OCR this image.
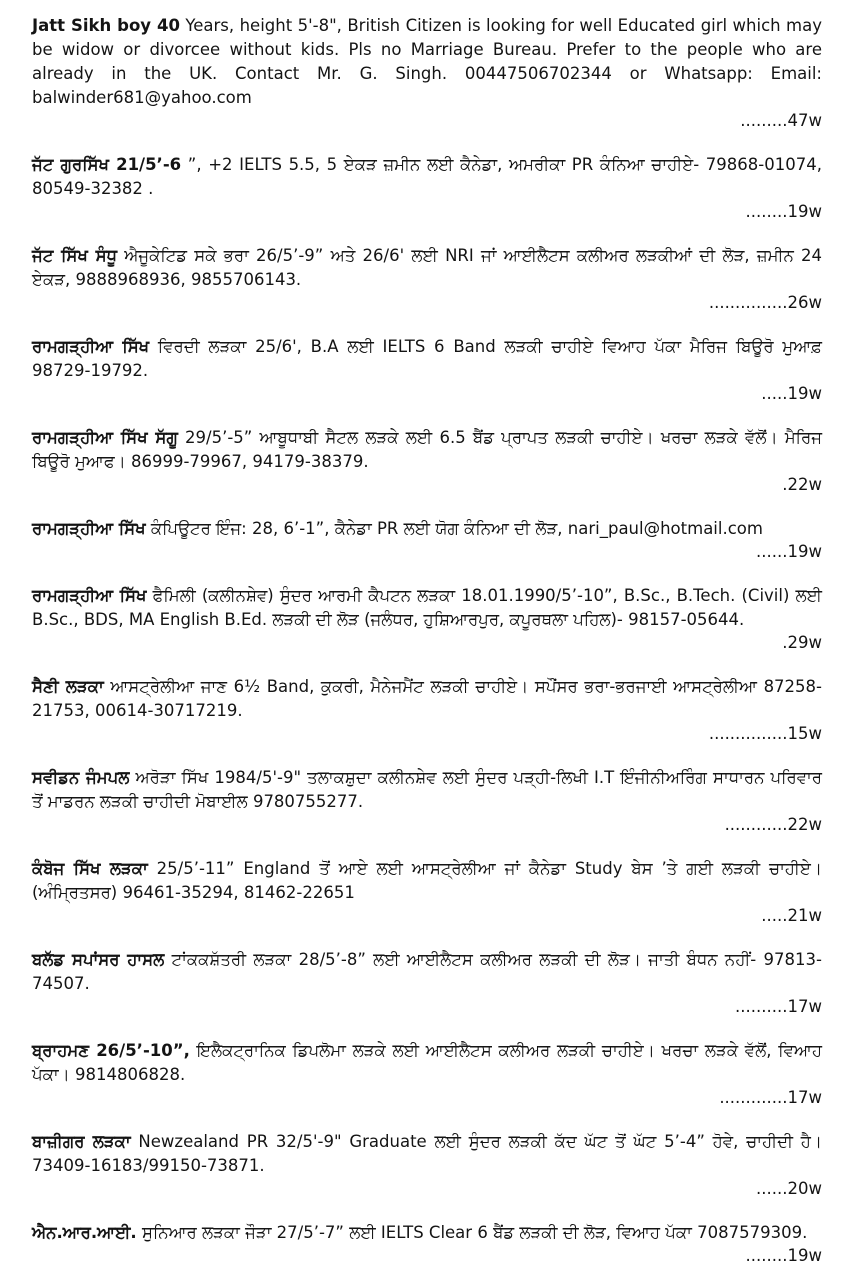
Jatt Sikh boy 40 Years, height 5'-8", British Citizen is looking for well Educated girl which may be widow or divorcee without kids. Pls no Marriage Bureau. Prefer to the people who are already in the UK. Contact Mr. G. Singh. 00447506702344 or Whatsapp: Email: balwinder681@yahoo.com
.........47w
ਜੱਟ ਗੁਰਸਿੱਖ 21/5’-6 ”, +2 IELTS 5.5, 5 ਏਕੜ ਜ਼ਮੀਨ ਲਈ ਕੈਨੇਡਾ, ਅਮਰੀਕਾ PR ਕੰਨਿਆ ਚਾਹੀਏ- 79868-01074, 80549-32382 .
........19w
ਜੱਟ ਸਿੱਖ ਸੰਧੂ ਐਜੂਕੇਟਿਡ ਸਕੇ ਭਰਾ 26/5’-9” ਅਤੇ 26/6' ਲਈ NRI ਜਾਂ ਆਈਲੈਟਸ ਕਲੀਅਰ ਲੜਕੀਆਂ ਦੀ ਲੋੜ, ਜ਼ਮੀਨ 24 ਏਕੜ, 9888968936, 9855706143.
...............26w
ਰਾਮਗੜ੍ਹੀਆ ਸਿੱਖ ਵਿਰਦੀ ਲੜਕਾ 25/6', B.A ਲਈ IELTS 6 Band ਲੜਕੀ ਚਾਹੀਏ ਵਿਆਹ ਪੱਕਾ ਮੈਰਿਜ ਬਿਊਰੋ ਮੁਆਫ਼ 98729-19792.
.....19w
ਰਾਮਗੜ੍ਹੀਆ ਸਿੱਖ ਸੱਗੂ 29/5’-5” ਆਬੂਧਾਬੀ ਸੈਟਲ ਲੜਕੇ ਲਈ 6.5 ਬੈਂਡ ਪ੍ਰਾਪਤ ਲੜਕੀ ਚਾਹੀਏ। ਖਰਚਾ ਲੜਕੇ ਵੱਲੋਂ। ਮੈਰਿਜ ਬਿਊਰੋ ਮੁਆਫ। 86999-79967, 94179-38379.
.22w
ਰਾਮਗੜ੍ਹੀਆ ਸਿੱਖ ਕੰਪਿਊਟਰ ਇੰਜ: 28, 6’-1”, ਕੈਨੇਡਾ PR ਲਈ ਯੋਗ ਕੰਨਿਆ ਦੀ ਲੋੜ, nari_paul@hotmail.com
......19w
ਰਾਮਗੜ੍ਹੀਆ ਸਿੱਖ ਫੈਮਿਲੀ (ਕਲੀਨਸ਼ੇਵ) ਸੁੰਦਰ ਆਰਮੀ ਕੈਪਟਨ ਲੜਕਾ 18.01.1990/5’-10”, B.Sc., B.Tech. (Civil) ਲਈ B.Sc., BDS, MA English B.Ed. ਲੜਕੀ ਦੀ ਲੋੜ (ਜਲੰਧਰ, ਹੁਸ਼ਿਆਰਪੁਰ, ਕਪੂਰਥਲਾ ਪਹਿਲ)- 98157-05644.
.29w
ਸੈਣੀ ਲੜਕਾ ਆਸਟ੍ਰੇਲੀਆ ਜਾਣ 6½ Band, ਕੁਕਰੀ, ਮੈਨੇਜਮੈਂਟ ਲੜਕੀ ਚਾਹੀਏ। ਸਪੌਂਸਰ ਭਰਾ-ਭਰਜਾਈ ਆਸਟ੍ਰੇਲੀਆ 87258-21753, 00614-30717219.
...............15w
ਸਵੀਡਨ ਜੰਮਪਲ ਅਰੋੜਾ ਸਿੱਖ 1984/5'-9" ਤਲਾਕਸ਼ੁਦਾ ਕਲੀਨਸ਼ੇਵ ਲਈ ਸੁੰਦਰ ਪੜ੍ਹੀ-ਲਿਖੀ I.T ਇੰਜੀਨੀਅਰਿੰਗ ਸਾਧਾਰਨ ਪਰਿਵਾਰ ਤੋਂ ਮਾਡਰਨ ਲੜਕੀ ਚਾਹੀਦੀ ਮੋਬਾਈਲ 9780755277.
............22w
ਕੰਬੋਜ ਸਿੱਖ ਲੜਕਾ 25/5’-11” England ਤੋਂ ਆਏ ਲਈ ਆਸਟ੍ਰੇਲੀਆ ਜਾਂ ਕੈਨੇਡਾ Study ਬੇਸ ’ਤੇ ਗਈ ਲੜਕੀ ਚਾਹੀਏ। (ਅੰਮ੍ਰਿਤਸਰ) 96461-35294, 81462-22651
.....21w
ਬਲੱਡ ਸਪਾਂਸਰ ਹਾਸਲ ਟਾਂਕਕਸ਼ੱਤਰੀ ਲੜਕਾ 28/5’-8” ਲਈ ਆਈਲੈਟਸ ਕਲੀਅਰ ਲੜਕੀ ਦੀ ਲੋੜ। ਜਾਤੀ ਬੰਧਨ ਨਹੀਂ- 97813-74507.
..........17w
ਬ੍ਰਾਹਮਣ 26/5’-10”, ਇਲੈਕਟ੍ਰਾਨਿਕ ਡਿਪਲੋਮਾ ਲੜਕੇ ਲਈ ਆਈਲੈਟਸ ਕਲੀਅਰ ਲੜਕੀ ਚਾਹੀਏ। ਖਰਚਾ ਲੜਕੇ ਵੱਲੋਂ, ਵਿਆਹ ਪੱਕਾ। 9814806828.
.............17w
ਬਾਜ਼ੀਗਰ ਲੜਕਾ Newzealand PR 32/5'-9" Graduate ਲਈ ਸੁੰਦਰ ਲੜਕੀ ਕੱਦ ਘੱਟ ਤੋਂ ਘੱਟ 5’-4” ਹੋਵੇ, ਚਾਹੀਦੀ ਹੈ। 73409-16183/99150-73871.
......20w
ਐਨ.ਆਰ.ਆਈ. ਸੁਨਿਆਰ ਲੜਕਾ ਜੌੜਾ 27/5’-7” ਲਈ IELTS Clear 6 ਬੈਂਡ ਲੜਕੀ ਦੀ ਲੋੜ, ਵਿਆਹ ਪੱਕਾ 7087579309.
........19w
